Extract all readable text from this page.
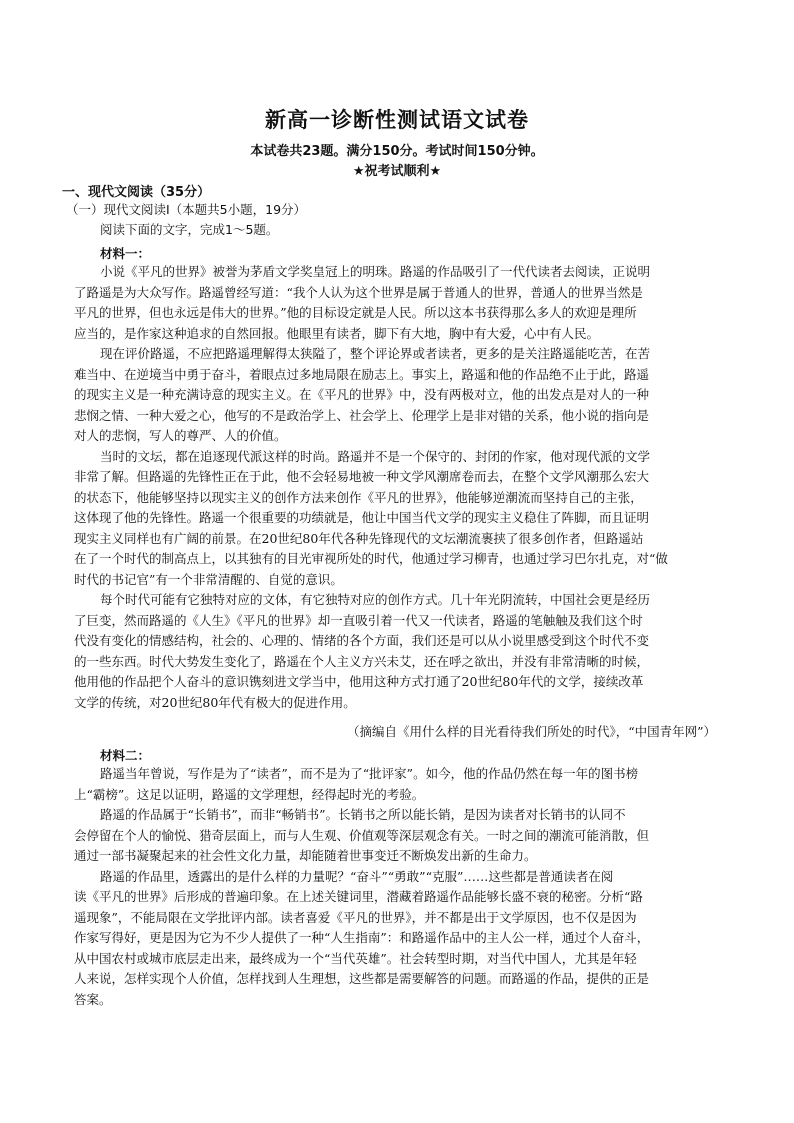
新高一诊断性测试语文试卷
本试卷共23题。满分150分。考试时间150分钟。
★祝考试顺利★
一、现代文阅读（35分）
（一）现代文阅读Ⅰ（本题共5小题，19分）
阅读下面的文字，完成1～5题。
材料一：
小说《平凡的世界》被誉为茅盾文学奖皇冠上的明珠。路遥的作品吸引了一代代读者去阅读，正说明
了路遥是为大众写作。路遥曾经写道：“我个人认为这个世界是属于普通人的世界，普通人的世界当然是
平凡的世界，但也永远是伟大的世界。”他的目标设定就是人民。所以这本书获得那么多人的欢迎是理所
应当的，是作家这种追求的自然回报。他眼里有读者，脚下有大地，胸中有大爱，心中有人民。
现在评价路遥，不应把路遥理解得太狭隘了，整个评论界或者读者，更多的是关注路遥能吃苦，在苦
难当中、在逆境当中勇于奋斗，着眼点过多地局限在励志上。事实上，路遥和他的作品绝不止于此，路遥
的现实主义是一种充满诗意的现实主义。在《平凡的世界》中，没有两极对立，他的出发点是对人的一种
悲悯之情、一种大爱之心，他写的不是政治学上、社会学上、伦理学上是非对错的关系，他小说的指向是
对人的悲悯，写人的尊严、人的价值。
当时的文坛，都在追逐现代派这样的时尚。路遥并不是一个保守的、封闭的作家，他对现代派的文学
非常了解。但路遥的先锋性正在于此，他不会轻易地被一种文学风潮席卷而去，在整个文学风潮那么宏大
的状态下，他能够坚持以现实主义的创作方法来创作《平凡的世界》，他能够逆潮流而坚持自己的主张，
这体现了他的先锋性。路遥一个很重要的功绩就是，他让中国当代文学的现实主义稳住了阵脚，而且证明
现实主义同样也有广阔的前景。在20世纪80年代各种先锋现代的文坛潮流裹挟了很多创作者，但路遥站
在了一个时代的制高点上，以其独有的目光审视所处的时代，他通过学习柳青，也通过学习巴尔扎克，对“做
时代的书记官”有一个非常清醒的、自觉的意识。
每个时代可能有它独特对应的文体，有它独特对应的创作方式。几十年光阴流转，中国社会更是经历
了巨变，然而路遥的《人生》《平凡的世界》却一直吸引着一代又一代读者，路遥的笔触触及我们这个时
代没有变化的情感结构，社会的、心理的、情绪的各个方面，我们还是可以从小说里感受到这个时代不变
的一些东西。时代大势发生变化了，路遥在个人主义方兴未艾，还在呼之欲出，并没有非常清晰的时候，
他用他的作品把个人奋斗的意识镌刻进文学当中，他用这种方式打通了20世纪80年代的文学，接续改革
文学的传统，对20世纪80年代有极大的促进作用。
（摘编自《用什么样的目光看待我们所处的时代》，“中国青年网”）
材料二：
路遥当年曾说，写作是为了“读者”，而不是为了“批评家”。如今，他的作品仍然在每一年的图书榜
上“霸榜”。这足以证明，路遥的文学理想，经得起时光的考验。
路遥的作品属于“长销书”，而非“畅销书”。长销书之所以能长销，是因为读者对长销书的认同不
会停留在个人的愉悦、猎奇层面上，而与人生观、价值观等深层观念有关。一时之间的潮流可能消散，但
通过一部书凝聚起来的社会性文化力量，却能随着世事变迁不断焕发出新的生命力。
路遥的作品里，透露出的是什么样的力量呢？“奋斗”“勇敢”“克服”……这些都是普通读者在阅
读《平凡的世界》后形成的普遍印象。在上述关键词里，潜藏着路遥作品能够长盛不衰的秘密。分析“路
遥现象”，不能局限在文学批评内部。读者喜爱《平凡的世界》，并不都是出于文学原因，也不仅是因为
作家写得好，更是因为它为不少人提供了一种“人生指南”：和路遥作品中的主人公一样，通过个人奋斗，
从中国农村或城市底层走出来，最终成为一个“当代英雄”。社会转型时期，对当代中国人，尤其是年轻
人来说，怎样实现个人价值，怎样找到人生理想，这些都是需要解答的问题。而路遥的作品，提供的正是
答案。
